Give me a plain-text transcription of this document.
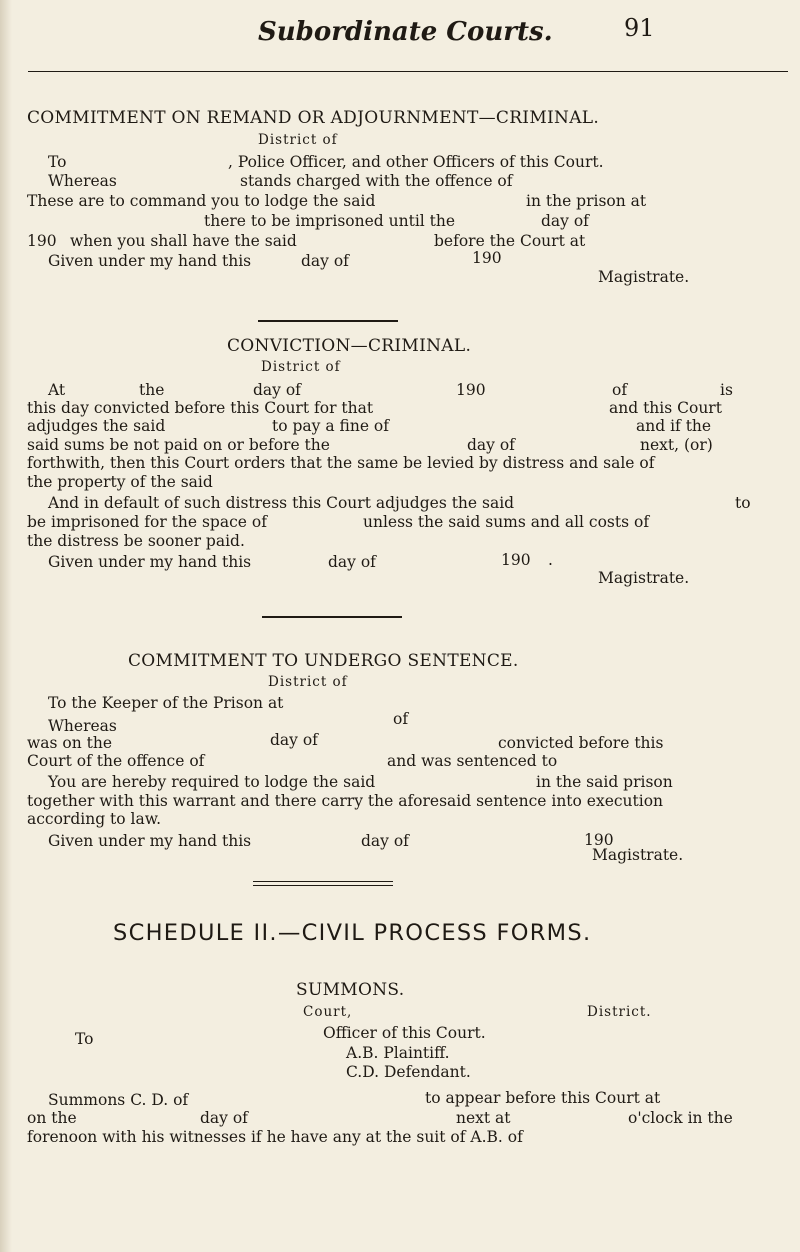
Subordinate Courts.	91
COMMITMENT ON REMAND OR ADJOURNMENT—CRIMINAL.
District of
To	, Police Officer, and other Officers of this Court.
Whereas	stands charged with the offence of
These are to command you to lodge the said	in the prison at
there to be imprisoned until the	day of
190 when you shall have the said	before the Court at
Given under my hand this	day of	190
Magistrate.
CONVICTION—CRIMINAL.
District of
At	the	day of	190	of	is
this day convicted before this Court for that	and this Court
adjudges the said	to pay a fine of	and if the
said sums be not paid on or before the	day of	next, (or)
forthwith, then this Court orders that the same be levied by distress and sale of
the property of the said
And in default of such distress this Court adjudges the said	to
be imprisoned for the space of	unless the said sums and all costs of
the distress be sooner paid.
Given under my hand this	day of	190 .
Magistrate.
COMMITMENT TO UNDERGO SENTENCE.
District of
To the Keeper of the Prison at
Whereas	of
was on the	day of	convicted before this
Court of the offence of	and was sentenced to
You are hereby required to lodge the said	in the said prison
together with this warrant and there carry the aforesaid sentence into execution
according to law.
Given under my hand this	day of	190
Magistrate.
SCHEDULE II.—CIVIL PROCESS FORMS.
SUMMONS.
Court,	District.
To	Officer of this Court.
A.B. Plaintiff.
C.D. Defendant.
Summons C. D. of	to appear before this Court at
on the	day of	next at	o'clock in the
forenoon with his witnesses if he have any at the suit of A.B. of
